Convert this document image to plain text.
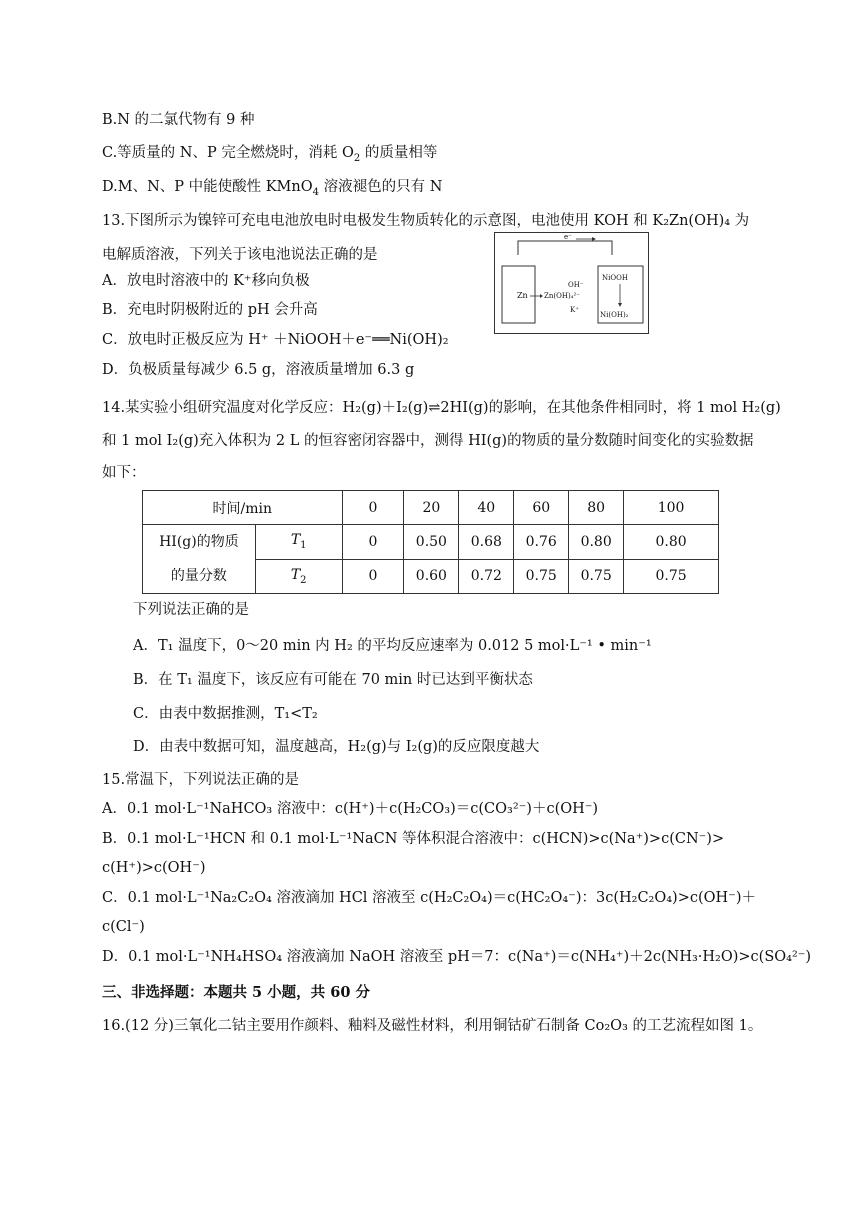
B.N 的二氯代物有 9 种
C.等质量的 N、P 完全燃烧时，消耗 $O_2$ 的质量相等
D.M、N、P 中能使酸性 KMnO$_4$ 溶液褪色的只有 N
13.下图所示为镍锌可充电电池放电时电极发生物质转化的示意图，电池使用 KOH 和 K₂Zn(OH)₄ 为
电解质溶液，下列关于该电池说法正确的是
A．放电时溶液中的 K⁺移向负极
B．充电时阴极附近的 pH 会升高
C．放电时正极反应为 H⁺ ＋NiOOH＋e⁻══Ni(OH)₂
D．负极质量每减少 6.5 g，溶液质量增加 6.3 g
e⁻
Zn Zn(OH)₄²⁻
OH⁻
K⁺
NiOOH
Ni(OH)₂
14.某实验小组研究温度对化学反应：H₂(g)＋I₂(g)⇌2HI(g)的影响，在其他条件相同时，将 1 mol H₂(g)
和 1 mol I₂(g)充入体积为 2 L 的恒容密闭容器中，测得 HI(g)的物质的量分数随时间变化的实验数据
如下：
时间/min		0	20	40	60	80	100

HI(g)的物质
的量分数	$T_1$	0	0.50	0.68	0.76	0.80	0.80
	$T_2$	0	0.60	0.72	0.75	0.75	0.75
下列说法正确的是
A．T₁ 温度下，0～20 min 内 H₂ 的平均反应速率为 0.012 5 mol·L⁻¹ • min⁻¹
B．在 T₁ 温度下，该反应有可能在 70 min 时已达到平衡状态
C．由表中数据推测，T₁<T₂
D．由表中数据可知，温度越高，H₂(g)与 I₂(g)的反应限度越大
15.常温下，下列说法正确的是
A．0.1 mol·L⁻¹NaHCO₃ 溶液中：c(H⁺)＋c(H₂CO₃)＝c(CO₃²⁻)＋c(OH⁻)
B．0.1 mol·L⁻¹HCN 和 0.1 mol·L⁻¹NaCN 等体积混合溶液中：c(HCN)>c(Na⁺)>c(CN⁻)>
c(H⁺)>c(OH⁻)
C．0.1 mol·L⁻¹Na₂C₂O₄ 溶液滴加 HCl 溶液至 c(H₂C₂O₄)＝c(HC₂O₄⁻)：3c(H₂C₂O₄)>c(OH⁻)＋
c(Cl⁻)
D．0.1 mol·L⁻¹NH₄HSO₄ 溶液滴加 NaOH 溶液至 pH＝7：c(Na⁺)＝c(NH₄⁺)＋2c(NH₃·H₂O)>c(SO₄²⁻)
三、非选择题：本题共 5 小题，共 60 分
16.(12 分)三氧化二钴主要用作颜料、釉料及磁性材料，利用铜钴矿石制备 Co₂O₃ 的工艺流程如图 1。
